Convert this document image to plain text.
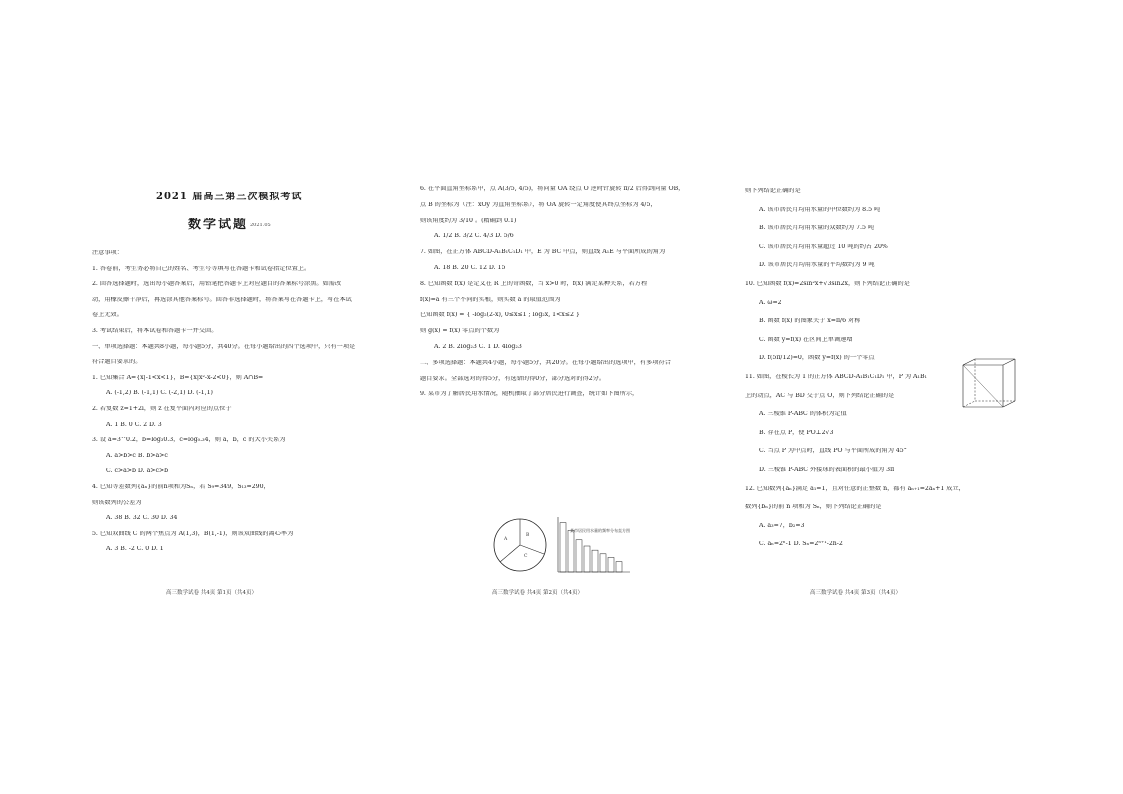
2021 届高三第三次模拟考试
数学试题 2021.05
注意事项：
1. 答卷前，考生务必将自己的姓名、考生号等填写在答题卡和试卷指定位置上。
2. 回答选择题时，选出每小题答案后，用铅笔把答题卡上对应题目的答案标号涂黑。如需改
动，用橡皮擦干净后，再选涂其他答案标号。回答非选择题时，将答案写在答题卡上，写在本试
卷上无效。
3. 考试结束后，将本试卷和答题卡一并交回。
一、单项选择题：本题共8小题，每小题5分，共40分。在每小题给出的四个选项中，只有一项是
符合题目要求的。
1. 已知集合 A={x|-1<x<1}，B={x|x²-x-2<0}，则 A∩B=
A. (-1,2) B. (-1,1) C. (-2,1) D. (-1,1)
2. 若复数 z=1+2i，则 z 在复平面内对应的点位于
A. 1 B. 0 C. 2 D. 3
3. 设 a=3^0.2，b=log₃0.3，c=log₀.₃4，则 a，b，c 的大小关系为
A. a>b>c B. b>a>c
C. c>a>b D. a>c>b
4. 已知等差数列{aₙ}的前n项和为Sₙ，若 S₉=349，S₁₃=290，
则该数列的公差为
A. 38 B. 32 C. 30 D. 34
5. 已知双曲线 C 的两个焦点为 A(1,3)，B(1,-1)，则该双曲线的离心率为
A. 3 B. -2 C. 0 D. 1
高三数学试卷 共4页 第1页（共4页）
6. 在平面直角坐标系中，点 A(3/5, 4/5)，将向量 OA 绕点 O 逆时针旋转 π/2 后得到向量 OB，
点 B 的坐标为（注：xOy 为直角坐标系），将 OA 旋转一定角度使其终点坐标为 4/5，
则该角度约为 3/10 。(精确到 0.1)
A. 1/2 B. 3/2 C. 4/3 D. 5/6
7. 如图，在正方体 ABCD-A₁B₁C₁D₁ 中，E 为 BC 中点，则直线 A₁E 与平面所成的角为
A. 18 B. 20 C. 12 D. 15
8. 已知函数 f(x) 是定义在 R 上的奇函数，当 x>0 时，f(x) 满足某种关系，若方程
f(x)=a 有三个不同的实根，则实数 a 的取值范围为
已知函数 f(x) = { -log₂(2-x), 0≤x≤1 ; log₂x, 1<x≤2 }
则 g(x) = f(x) 零点的个数为
A. 2 B. 2log₂3 C. 1 D. 4log₂3
二、多项选择题：本题共4小题，每小题5分，共20分。在每小题给出的选项中，有多项符合
题目要求。全部选对的得5分，有选错的得0分，部分选对的得2分。
9. 某市为了解居民用水情况，随机抽取了部分居民进行调查，统计如下图所示，
A
B
C
某市居民用水量的频率分布直方图
高三数学试卷 共4页 第2页（共4页）
则下列结论正确的是
A. 该市居民月均用水量的中位数约为 8.5 吨
B. 该市居民月均用水量的众数约为 7.5 吨
C. 该市居民月均用水量超过 10 吨的约占 20%
D. 该市居民月均用水量的平均数约为 9 吨
10. 已知函数 f(x)=2sin²x+√3sin2x，则下列结论正确的是
A. ω=2
B. 函数 f(x) 的图象关于 x=π/6 对称
C. 函数 y=f(x) 在区间上单调递增
D. f(5π/12)=0，函数 y=f(x) 的一个零点
11. 如图，在棱长为 1 的正方体 ABCD-A₁B₁C₁D₁ 中，P 为 A₁B₁
上的动点，AC 与 BD 交于点 O，则下列结论正确的是
A. 三棱锥 P-ABC 的体积为定值
B. 存在点 P，使 PO⊥2√3
C. 当点 P 为中点时，直线 PO 与平面所成的角为 45°
D. 三棱锥 P-ABC 外接球的表面积的最小值为 3π
12. 已知数列{aₙ}满足 a₁=1，且对任意的正整数 n，都有 aₙ₊₁=2aₙ+1 成立，
数列{bₙ}的前 n 项和为 Sₙ，则下列结论正确的是
A. a₃=7，b₂=3
C. aₙ=2ⁿ-1 D. Sₙ=2ⁿ⁺¹-2n-2
高三数学试卷 共4页 第3页（共4页）
